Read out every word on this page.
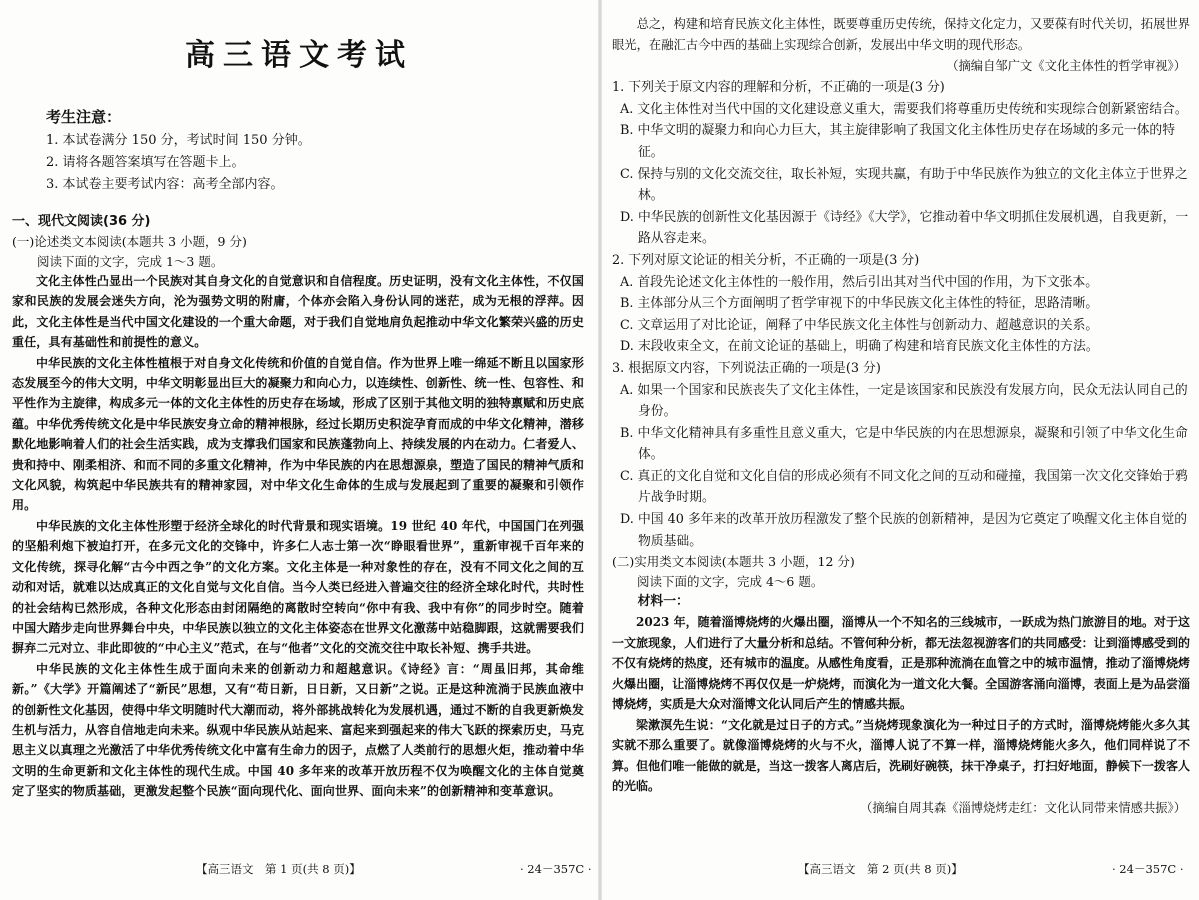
高三语文考试
考生注意：
1. 本试卷满分 150 分，考试时间 150 分钟。
2. 请将各题答案填写在答题卡上。
3. 本试卷主要考试内容：高考全部内容。
一、现代文阅读(36 分)
(一)论述类文本阅读(本题共 3 小题，9 分)
阅读下面的文字，完成 1～3 题。
文化主体性凸显出一个民族对其自身文化的自觉意识和自信程度。历史证明，没有文化主体性，不仅国家和民族的发展会迷失方向，沦为强势文明的附庸，个体亦会陷入身份认同的迷茫，成为无根的浮萍。因此，文化主体性是当代中国文化建设的一个重大命题，对于我们自觉地肩负起推动中华文化繁荣兴盛的历史重任，具有基础性和前提性的意义。
中华民族的文化主体性植根于对自身文化传统和价值的自觉自信。作为世界上唯一绵延不断且以国家形态发展至今的伟大文明，中华文明彰显出巨大的凝聚力和向心力，以连续性、创新性、统一性、包容性、和平性作为主旋律，构成多元一体的文化主体性的历史存在场域，形成了区别于其他文明的独特禀赋和历史底蕴。中华优秀传统文化是中华民族安身立命的精神根脉，经过长期历史积淀孕育而成的中华文化精神，潜移默化地影响着人们的社会生活实践，成为支撑我们国家和民族蓬勃向上、持续发展的内在动力。仁者爱人、贵和持中、刚柔相济、和而不同的多重文化精神，作为中华民族的内在思想源泉，塑造了国民的精神气质和文化风貌，构筑起中华民族共有的精神家园，对中华文化生命体的生成与发展起到了重要的凝聚和引领作用。
中华民族的文化主体性形塑于经济全球化的时代背景和现实语境。19 世纪 40 年代，中国国门在列强的坚船利炮下被迫打开，在多元文化的交锋中，许多仁人志士第一次“睁眼看世界”，重新审视千百年来的文化传统，探寻化解“古今中西之争”的文化方案。文化主体是一种对象性的存在，没有不同文化之间的互动和对话，就难以达成真正的文化自觉与文化自信。当今人类已经进入普遍交往的经济全球化时代，共时性的社会结构已然形成，各种文化形态由封闭隔绝的离散时空转向“你中有我、我中有你”的同步时空。随着中国大踏步走向世界舞台中央，中华民族以独立的文化主体姿态在世界文化激荡中站稳脚跟，这就需要我们摒弃二元对立、非此即彼的“中心主义”范式，在与“他者”文化的交流交往中取长补短、携手共进。
中华民族的文化主体性生成于面向未来的创新动力和超越意识。《诗经》言：“周虽旧邦，其命维新。”《大学》开篇阐述了“新民”思想，又有“苟日新，日日新，又日新”之说。正是这种流淌于民族血液中的创新性文化基因，使得中华文明随时代大潮而动，将外部挑战转化为发展机遇，通过不断的自我更新焕发生机与活力，从容自信地走向未来。纵观中华民族从站起来、富起来到强起来的伟大飞跃的探索历史，马克思主义以真理之光激活了中华优秀传统文化中富有生命力的因子，点燃了人类前行的思想火炬，推动着中华文明的生命更新和文化主体性的现代生成。中国 40 多年来的改革开放历程不仅为唤醒文化的主体自觉奠定了坚实的物质基础，更激发起整个民族“面向现代化、面向世界、面向未来”的创新精神和变革意识。
【高三语文　第 1 页(共 8 页)】	· 24－357C ·
总之，构建和培育民族文化主体性，既要尊重历史传统，保持文化定力，又要葆有时代关切，拓展世界眼光，在融汇古今中西的基础上实现综合创新，发展出中华文明的现代形态。
（摘编自邹广文《文化主体性的哲学审视》）
1. 下列关于原文内容的理解和分析，不正确的一项是(3 分)
A. 文化主体性对当代中国的文化建设意义重大，需要我们将尊重历史传统和实现综合创新紧密结合。
B. 中华文明的凝聚力和向心力巨大，其主旋律影响了我国文化主体性历史存在场域的多元一体的特征。
C. 保持与别的文化交流交往，取长补短，实现共赢，有助于中华民族作为独立的文化主体立于世界之林。
D. 中华民族的创新性文化基因源于《诗经》《大学》，它推动着中华文明抓住发展机遇，自我更新，一路从容走来。
2. 下列对原文论证的相关分析，不正确的一项是(3 分)
A. 首段先论述文化主体性的一般作用，然后引出其对当代中国的作用，为下文张本。
B. 主体部分从三个方面阐明了哲学审视下的中华民族文化主体性的特征，思路清晰。
C. 文章运用了对比论证，阐释了中华民族文化主体性与创新动力、超越意识的关系。
D. 末段收束全文，在前文论证的基础上，明确了构建和培育民族文化主体性的方法。
3. 根据原文内容，下列说法正确的一项是(3 分)
A. 如果一个国家和民族丧失了文化主体性，一定是该国家和民族没有发展方向，民众无法认同自己的身份。
B. 中华文化精神具有多重性且意义重大，它是中华民族的内在思想源泉，凝聚和引领了中华文化生命体。
C. 真正的文化自觉和文化自信的形成必须有不同文化之间的互动和碰撞，我国第一次文化交锋始于鸦片战争时期。
D. 中国 40 多年来的改革开放历程激发了整个民族的创新精神，是因为它奠定了唤醒文化主体自觉的物质基础。
(二)实用类文本阅读(本题共 3 小题，12 分)
阅读下面的文字，完成 4～6 题。
材料一：
2023 年，随着淄博烧烤的火爆出圈，淄博从一个不知名的三线城市，一跃成为热门旅游目的地。对于这一文旅现象，人们进行了大量分析和总结。不管何种分析，都无法忽视游客们的共同感受：让到淄博感受到的不仅有烧烤的热度，还有城市的温度。从感性角度看，正是那种流淌在血管之中的城市温情，推动了淄博烧烤火爆出圈，让淄博烧烤不再仅仅是一炉烧烤，而演化为一道文化大餐。全国游客涌向淄博，表面上是为品尝淄博烧烤，实质是大众对淄博文化认同后产生的情感共振。
梁漱溟先生说：“文化就是过日子的方式。”当烧烤现象演化为一种过日子的方式时，淄博烧烤能火多久其实就不那么重要了。就像淄博烧烤的火与不火，淄博人说了不算一样，淄博烧烤能火多久，他们同样说了不算。但他们唯一能做的就是，当这一拨客人离店后，洗刷好碗筷，抹干净桌子，打扫好地面，静候下一拨客人的光临。
（摘编自周其森《淄博烧烤走红：文化认同带来情感共振》）
【高三语文　第 2 页(共 8 页)】	· 24－357C ·
